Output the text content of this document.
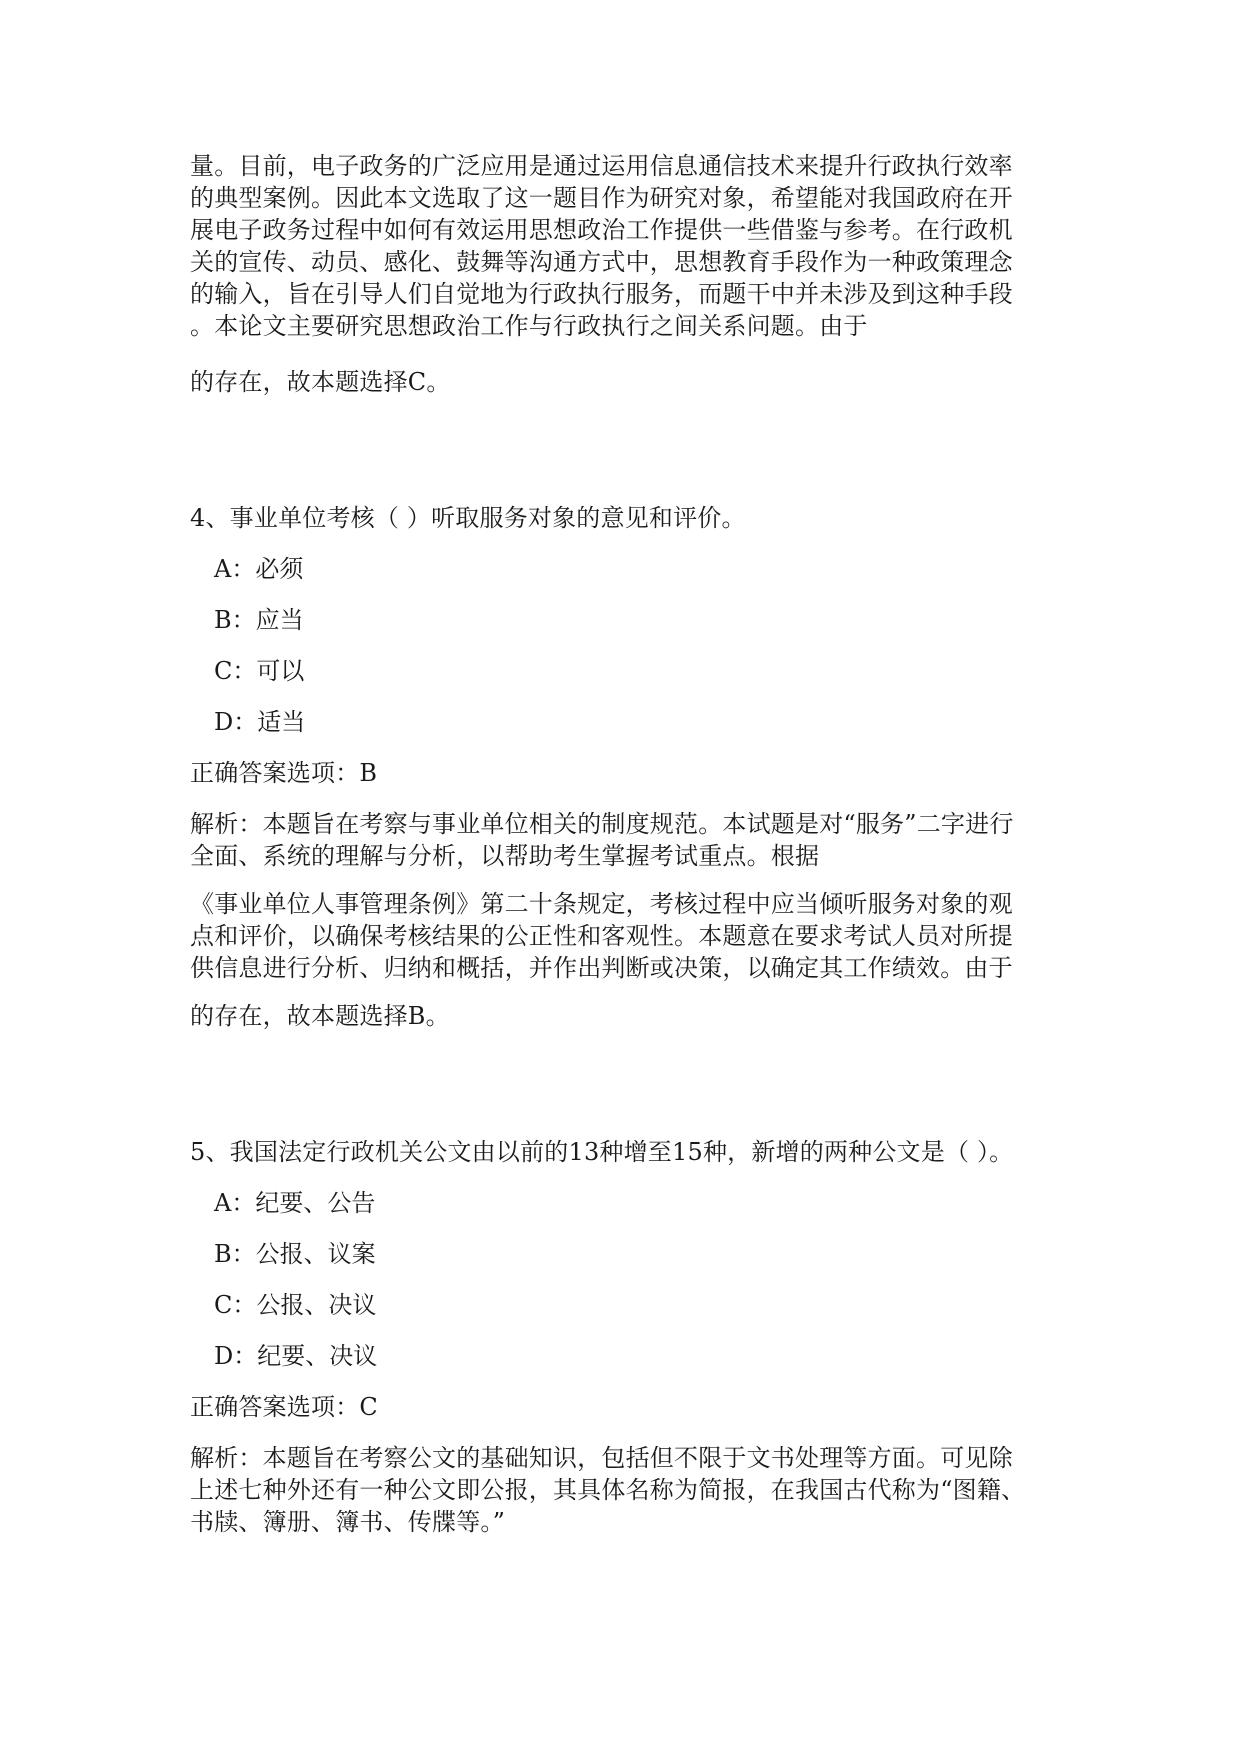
量。目前，电子政务的广泛应用是通过运用信息通信技术来提升行政执行效率
的典型案例。因此本文选取了这一题目作为研究对象，希望能对我国政府在开
展电子政务过程中如何有效运用思想政治工作提供一些借鉴与参考。在行政机
关的宣传、动员、感化、鼓舞等沟通方式中，思想教育手段作为一种政策理念
的输入，旨在引导人们自觉地为行政执行服务，而题干中并未涉及到这种手段
。本论文主要研究思想政治工作与行政执行之间关系问题。由于

的存在，故本题选择C。

4、事业单位考核（ ）听取服务对象的意见和评价。

A：必须

B：应当

C：可以

D：适当

正确答案选项：B

解析：本题旨在考察与事业单位相关的制度规范。本试题是对“服务”二字进行
全面、系统的理解与分析，以帮助考生掌握考试重点。根据

《事业单位人事管理条例》第二十条规定，考核过程中应当倾听服务对象的观
点和评价，以确保考核结果的公正性和客观性。本题意在要求考试人员对所提
供信息进行分析、归纳和概括，并作出判断或决策，以确定其工作绩效。由于

的存在，故本题选择B。

5、我国法定行政机关公文由以前的13种增至15种，新增的两种公文是（ ）。

A：纪要、公告

B：公报、议案

C：公报、决议

D：纪要、决议

正确答案选项：C

解析：本题旨在考察公文的基础知识，包括但不限于文书处理等方面。可见除
上述七种外还有一种公文即公报，其具体名称为简报，在我国古代称为“图籍、
书牍、簿册、簿书、传牒等。”
